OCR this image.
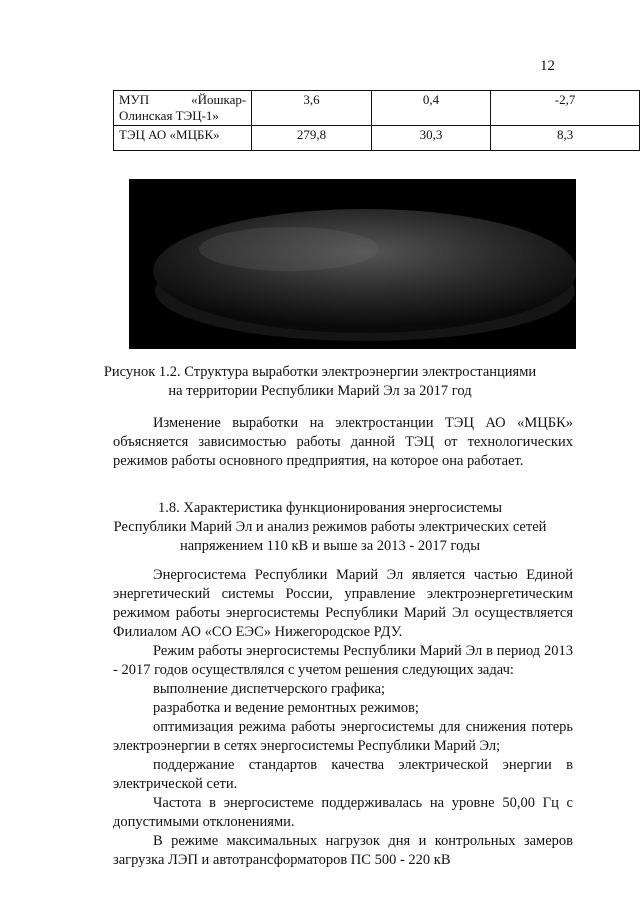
12
МУП «Йошкар-
Олинская ТЭЦ-1»	3,6	0,4	-2,7
ТЭЦ АО «МЦБК»	279,8	30,3	8,3
Рисунок 1.2. Структура выработки электроэнергии электростанциями
на территории Республики Марий Эл за 2017 год
Изменение выработки на электростанции ТЭЦ АО «МЦБК» объясняется зависимостью работы данной ТЭЦ от технологических режимов работы основного предприятия, на которое она работает.
1.8. Характеристика функционирования энергосистемы
Республики Марий Эл и анализ режимов работы электрических сетей
напряжением 110 кВ и выше за 2013 - 2017 годы
Энергосистема Республики Марий Эл является частью Единой энергетический системы России, управление электроэнергетическим режимом работы энергосистемы Республики Марий Эл осуществляется Филиалом АО «СО ЕЭС» Нижегородское РДУ.
Режим работы энергосистемы Республики Марий Эл в период 2013 - 2017 годов осуществлялся с учетом решения следующих задач:
выполнение диспетчерского графика;
разработка и ведение ремонтных режимов;
оптимизация режима работы энергосистемы для снижения потерь электроэнергии в сетях энергосистемы Республики Марий Эл;
поддержание стандартов качества электрической энергии в электрической сети.
Частота в энергосистеме поддерживалась на уровне 50,00 Гц с допустимыми отклонениями.
В режиме максимальных нагрузок дня и контрольных замеров загрузка ЛЭП и автотрансформаторов ПС 500 - 220 кВ
